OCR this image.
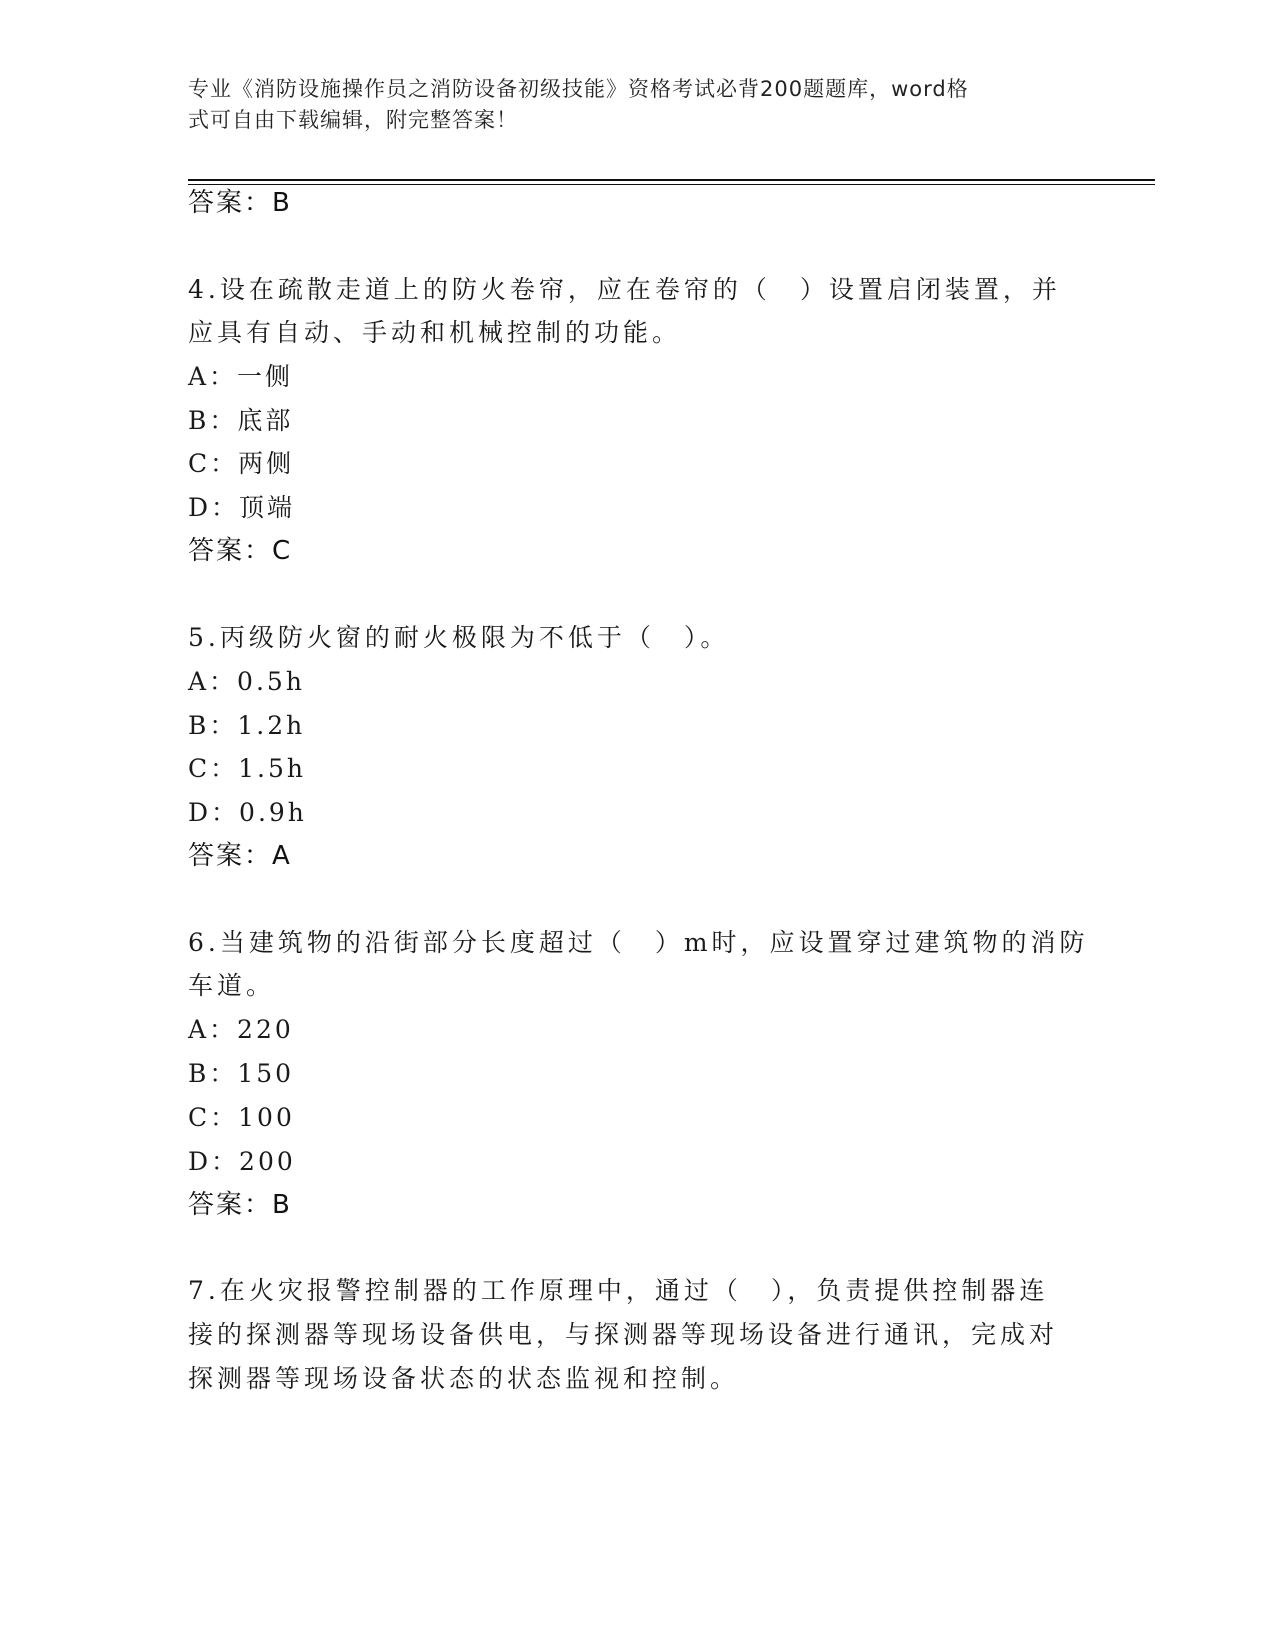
专业《消防设施操作员之消防设备初级技能》资格考试必背200题题库，word格
式可自由下载编辑，附完整答案！
答案：B
4.设在疏散走道上的防火卷帘，应在卷帘的（　）设置启闭装置，并
应具有自动、手动和机械控制的功能。
A：一侧
B：底部
C：两侧
D：顶端
答案：C
5.丙级防火窗的耐火极限为不低于（　）。
A：0.5h
B：1.2h
C：1.5h
D：0.9h
答案：A
6.当建筑物的沿街部分长度超过（　）m时，应设置穿过建筑物的消防
车道。
A：220
B：150
C：100
D：200
答案：B
7.在火灾报警控制器的工作原理中，通过（　），负责提供控制器连
接的探测器等现场设备供电，与探测器等现场设备进行通讯，完成对
探测器等现场设备状态的状态监视和控制。
